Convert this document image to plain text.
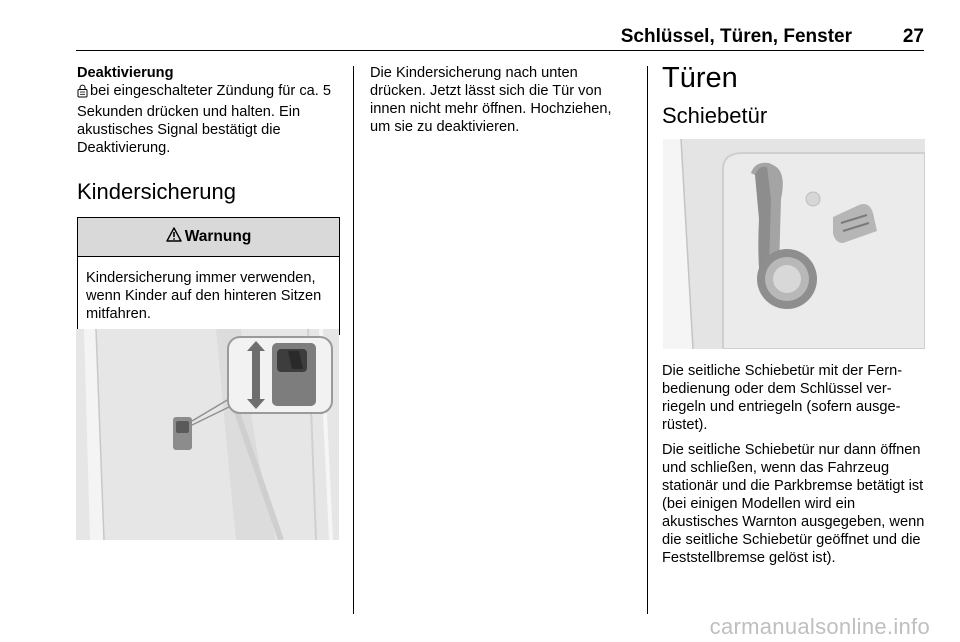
Schlüssel, Türen, Fenster	27
Deaktivierung

bei eingeschalteter Zündung für ca. 5 Sekunden drücken und halten. Ein akustisches Signal bestätigt die Deaktivierung.

Kindersicherung
Warnung
Kindersicherung immer verwenden, wenn Kinder auf den hinteren Sitzen mitfahren.

Die Kindersicherung nach unten drücken. Jetzt lässt sich die Tür von innen nicht mehr öffnen. Hochziehen, um sie zu deaktivieren.

Türen
Schiebetür

Die seitliche Schiebetür mit der Fernbedienung oder dem Schlüssel verriegeln und entriegeln (sofern ausgerüstet).

Die seitliche Schiebetür nur dann öffnen und schließen, wenn das Fahrzeug stationär und die Parkbremse betätigt ist (bei einigen Modellen wird ein akustisches Warnton ausgegeben, wenn die seitliche Schiebetür geöffnet und die Feststellbremse gelöst ist).

carmanualsonline.info
